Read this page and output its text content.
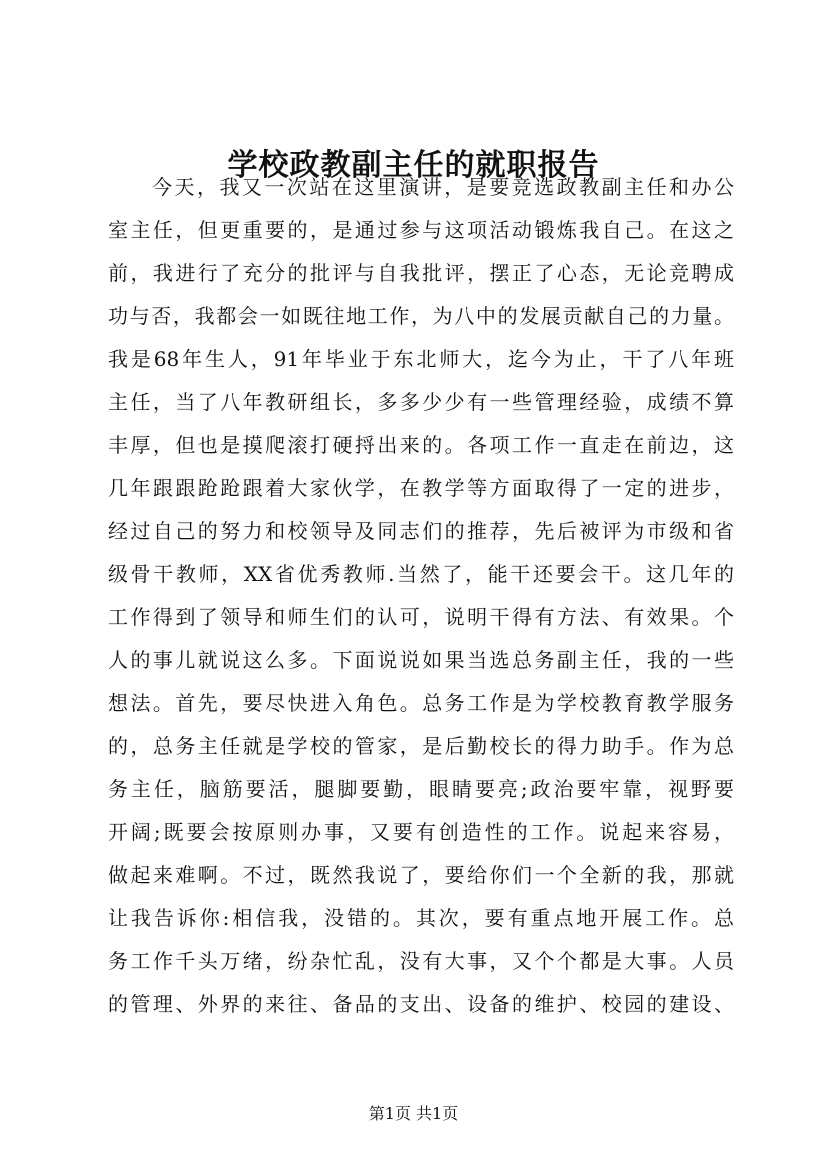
学校政教副主任的就职报告
今天，我又一次站在这里演讲，是要竞选政教副主任和办公
室主任，但更重要的，是通过参与这项活动锻炼我自己。在这之
前，我进行了充分的批评与自我批评，摆正了心态，无论竞聘成
功与否，我都会一如既往地工作，为八中的发展贡献自己的力量。
我是68年生人，91年毕业于东北师大，迄今为止，干了八年班
主任，当了八年教研组长，多多少少有一些管理经验，成绩不算
丰厚，但也是摸爬滚打硬捋出来的。各项工作一直走在前边，这
几年跟跟跄跄跟着大家伙学，在教学等方面取得了一定的进步，
经过自己的努力和校领导及同志们的推荐，先后被评为市级和省
级骨干教师，XX省优秀教师.当然了，能干还要会干。这几年的
工作得到了领导和师生们的认可，说明干得有方法、有效果。个
人的事儿就说这么多。下面说说如果当选总务副主任，我的一些
想法。首先，要尽快进入角色。总务工作是为学校教育教学服务
的，总务主任就是学校的管家，是后勤校长的得力助手。作为总
务主任，脑筋要活，腿脚要勤，眼睛要亮;政治要牢靠，视野要
开阔;既要会按原则办事，又要有创造性的工作。说起来容易，
做起来难啊。不过，既然我说了，要给你们一个全新的我，那就
让我告诉你:相信我，没错的。其次，要有重点地开展工作。总
务工作千头万绪，纷杂忙乱，没有大事，又个个都是大事。人员
的管理、外界的来往、备品的支出、设备的维护、校园的建设、
第1页 共1页
